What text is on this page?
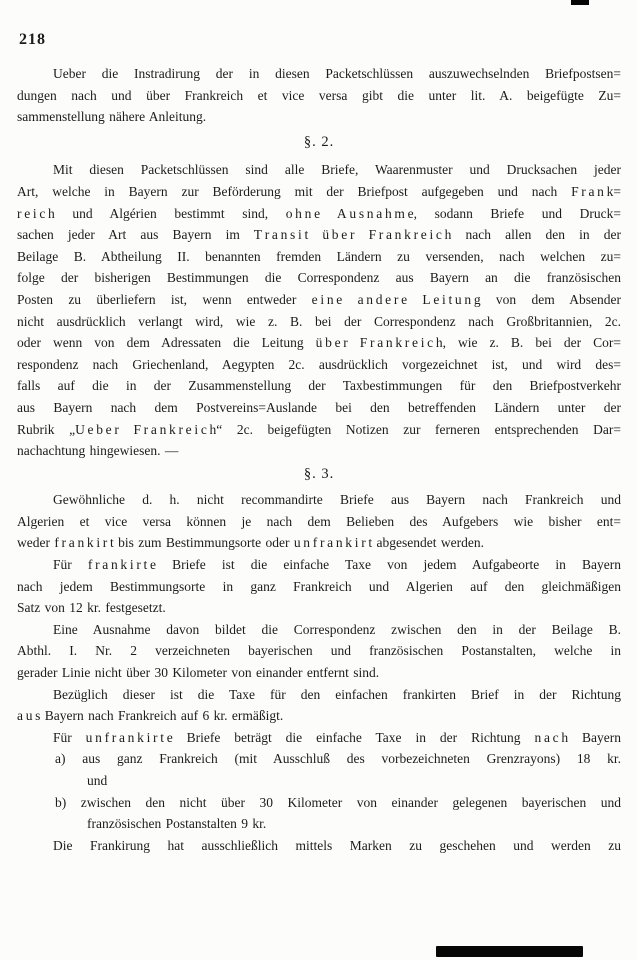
218
Ueber die Instradirung der in diesen Packetschlüssen auszuwechselnden Briefpostsen=
dungen nach und über Frankreich et vice versa gibt die unter lit. A. beigefügte Zu=
sammenstellung nähere Anleitung.
§. 2.
Mit diesen Packetschlüssen sind alle Briefe, Waarenmuster und Drucksachen jeder
Art, welche in Bayern zur Beförderung mit der Briefpost aufgegeben und nach F r a n k=
r e i c h und Algérien bestimmt sind, o h n e A u s n a h m e, sodann Briefe und Druck=
sachen jeder Art aus Bayern im T r a n s i t ü b e r F r a n k r e i c h nach allen den in der
Beilage B. Abtheilung II. benannten fremden Ländern zu versenden, nach welchen zu=
folge der bisherigen Bestimmungen die Correspondenz aus Bayern an die französischen
Posten zu überliefern ist, wenn entweder e i n e a n d e r e L e i t u n g von dem Absender
nicht ausdrücklich verlangt wird, wie z. B. bei der Correspondenz nach Großbritannien, 2c.
oder wenn von dem Adressaten die Leitung ü b e r F r a n k r e i c h, wie z. B. bei der Cor=
respondenz nach Griechenland, Aegypten 2c. ausdrücklich vorgezeichnet ist, und wird des=
falls auf die in der Zusammenstellung der Taxbestimmungen für den Briefpostverkehr
aus Bayern nach dem Postvereins=Auslande bei den betreffenden Ländern unter der
Rubrik „U e b e r F r a n k r e i c h“ 2c. beigefügten Notizen zur ferneren entsprechenden Dar=
nachachtung hingewiesen. —
§. 3.
Gewöhnliche d. h. nicht recommandirte Briefe aus Bayern nach Frankreich und
Algerien et vice versa können je nach dem Belieben des Aufgebers wie bisher ent=
weder f r a n k i r t bis zum Bestimmungsorte oder u n f r a n k i r t abgesendet werden.
Für f r a n k i r t e Briefe ist die einfache Taxe von jedem Aufgabeorte in Bayern
nach jedem Bestimmungsorte in ganz Frankreich und Algerien auf den gleichmäßigen
Satz von 12 kr. festgesetzt.
Eine Ausnahme davon bildet die Correspondenz zwischen den in der Beilage B.
Abthl. I. Nr. 2 verzeichneten bayerischen und französischen Postanstalten, welche in
gerader Linie nicht über 30 Kilometer von einander entfernt sind.
Bezüglich dieser ist die Taxe für den einfachen frankirten Brief in der Richtung
a u s Bayern nach Frankreich auf 6 kr. ermäßigt.
Für u n f r a n k i r t e Briefe beträgt die einfache Taxe in der Richtung n a c h Bayern
a) aus ganz Frankreich (mit Ausschluß des vorbezeichneten Grenzrayons) 18 kr.
und
b) zwischen den nicht über 30 Kilometer von einander gelegenen bayerischen und
französischen Postanstalten 9 kr.
Die Frankirung hat ausschließlich mittels Marken zu geschehen und werden zu
